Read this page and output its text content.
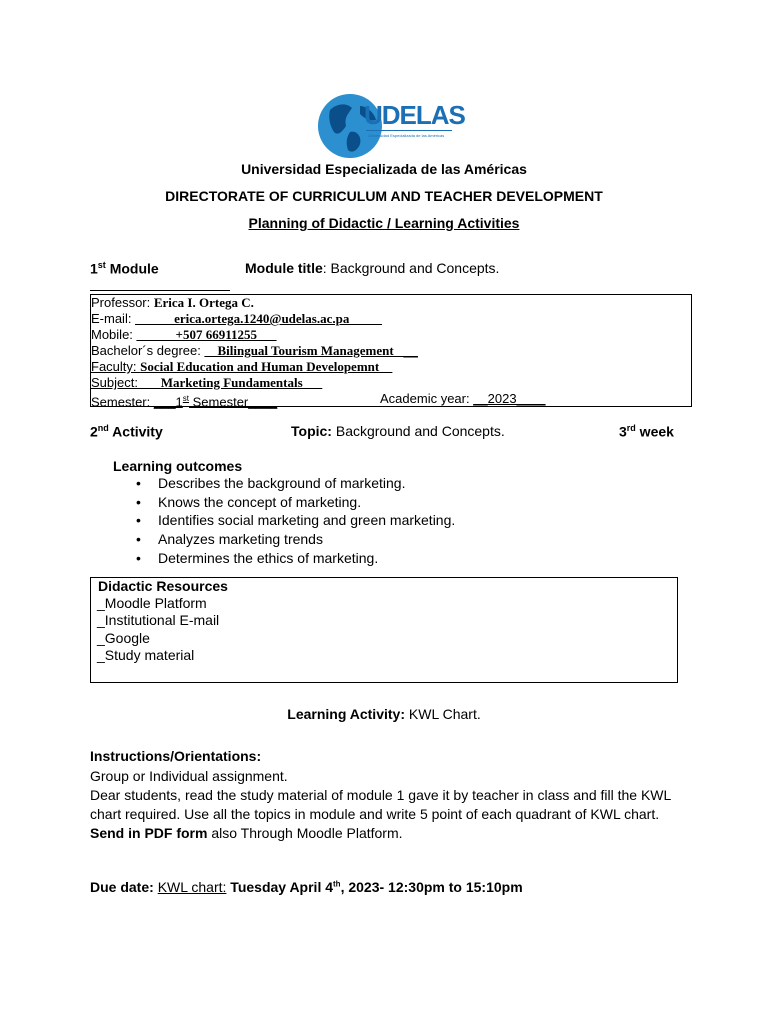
UDELAS
Universidad Especializada de las Américas
Universidad Especializada de las Américas
DIRECTORATE OF CURRICULUM AND TEACHER DEVELOPMENT
Planning of Didactic / Learning Activities
1st Module	Module title: Background and Concepts.
Professor: Erica I. Ortega C.
E-mail: ______erica.ortega.1240@udelas.ac.pa_____
Mobile: ______+507 66911255___
Bachelor´s degree: __Bilingual Tourism Management ___
Faculty: Social Education and Human Developemnt__
Subject: ___Marketing Fundamentals___
Semester: ___1st Semester____	Academic year: __2023____
2nd Activity	Topic: Background and Concepts.	3rd week
Learning outcomes
• Describes the background of marketing.
• Knows the concept of marketing.
• Identifies social marketing and green marketing.
• Analyzes marketing trends
• Determines the ethics of marketing.
Didactic Resources
_Moodle Platform
_Institutional E-mail
_Google
_Study material
Learning Activity: KWL Chart.
Instructions/Orientations:
Group or Individual assignment.
Dear students, read the study material of module 1 gave it by teacher in class and fill the KWL
chart required. Use all the topics in module and write 5 point of each quadrant of KWL chart.
Send in PDF form also Through Moodle Platform.
Due date: KWL chart: Tuesday April 4th, 2023- 12:30pm to 15:10pm
